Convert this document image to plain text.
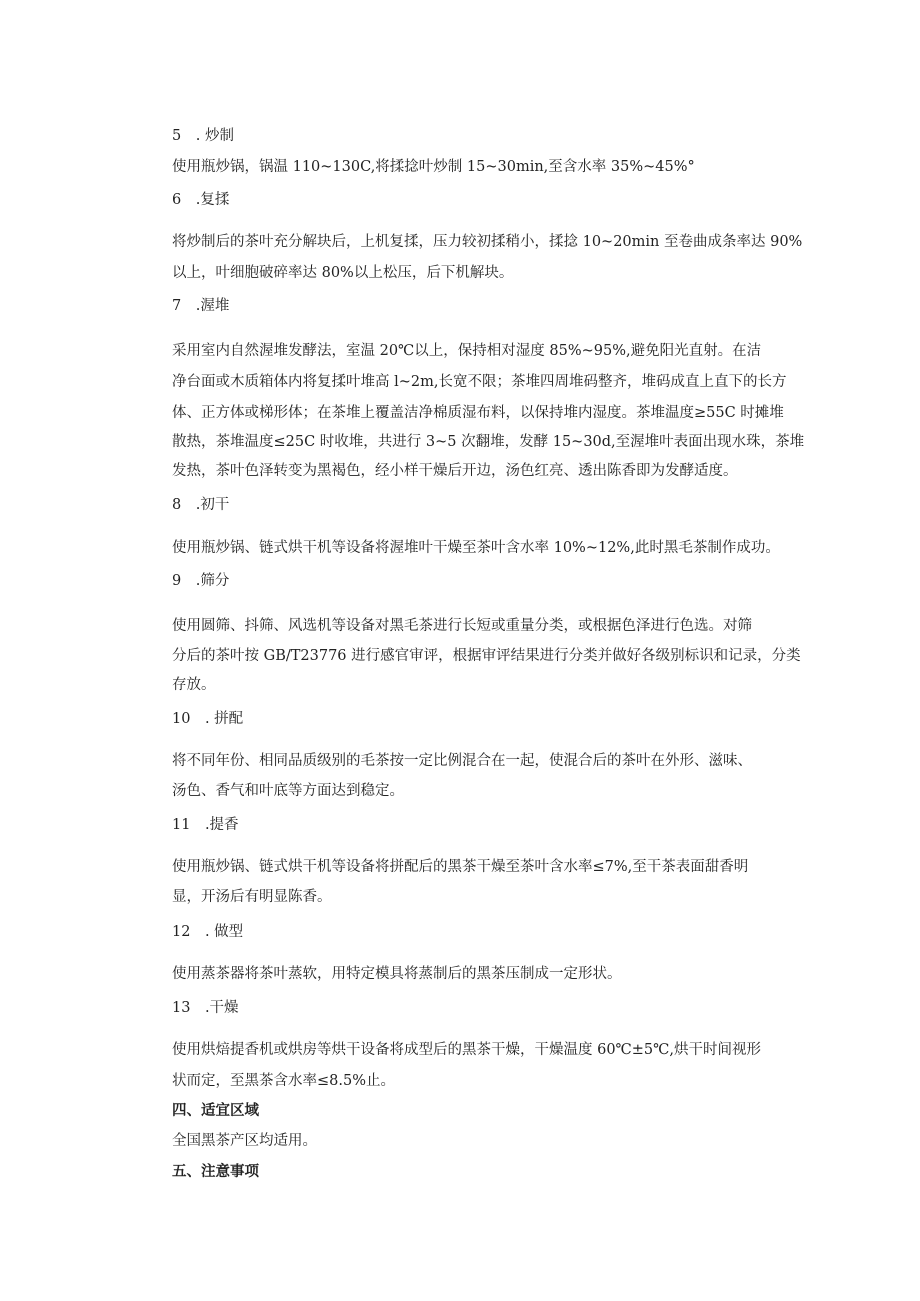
5　. 炒制
使用瓶炒锅，锅温 110~130C,将揉捻叶炒制 15~30min,至含水率 35%~45%°
6　.复揉
将炒制后的茶叶充分解块后，上机复揉，压力较初揉稍小，揉捻 10~20min 至卷曲成条率达 90%
以上，叶细胞破碎率达 80%以上松压，后下机解块。
7　.渥堆
采用室内自然渥堆发酵法，室温 20℃以上，保持相对湿度 85%~95%,避免阳光直射。在洁
净台面或木质箱体内将复揉叶堆高 l~2m,长宽不限；茶堆四周堆码整齐，堆码成直上直下的长方
体、正方体或梯形体；在茶堆上覆盖洁净棉质湿布料，以保持堆内湿度。茶堆温度≥55C 时摊堆
散热，茶堆温度≤25C 时收堆，共进行 3~5 次翻堆，发酵 15~30d,至渥堆叶表面出现水珠，茶堆
发热，茶叶色泽转变为黑褐色，经小样干燥后开边，汤色红亮、透出陈香即为发酵适度。
8　.初干
使用瓶炒锅、链式烘干机等设备将渥堆叶干燥至茶叶含水率 10%~12%,此时黑毛茶制作成功。
9　.筛分
使用圆筛、抖筛、风选机等设备对黑毛茶进行长短或重量分类，或根据色泽进行色选。对筛
分后的茶叶按 GB/T23776 进行感官审评，根据审评结果进行分类并做好各级别标识和记录，分类
存放。
10　. 拼配
将不同年份、相同品质级别的毛茶按一定比例混合在一起，使混合后的茶叶在外形、滋味、
汤色、香气和叶底等方面达到稳定。
11　.提香
使用瓶炒锅、链式烘干机等设备将拼配后的黑茶干燥至茶叶含水率≤7%,至干茶表面甜香明
显，开汤后有明显陈香。
12　. 做型
使用蒸茶器将茶叶蒸软，用特定模具将蒸制后的黑茶压制成一定形状。
13　.干燥
使用烘焙提香机或烘房等烘干设备将成型后的黑茶干燥，干燥温度 60℃±5℃,烘干时间视形
状而定，至黑茶含水率≤8.5%止。
四、适宜区域
全国黑茶产区均适用。
五、注意事项
